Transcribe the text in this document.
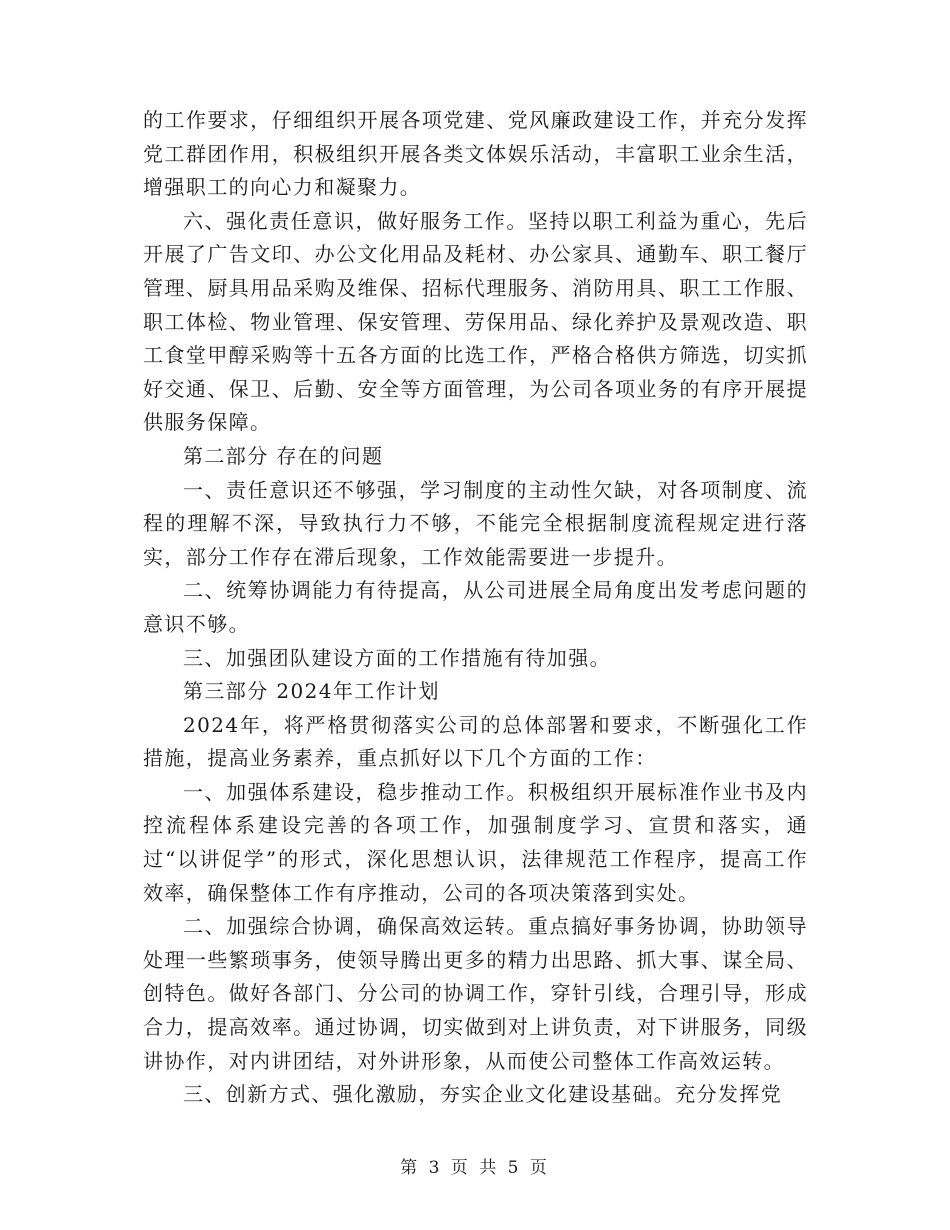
的工作要求，仔细组织开展各项党建、党风廉政建设工作，并充分发挥党工群团作用，积极组织开展各类文体娱乐活动，丰富职工业余生活，增强职工的向心力和凝聚力。

六、强化责任意识，做好服务工作。坚持以职工利益为重心，先后开展了广告文印、办公文化用品及耗材、办公家具、通勤车、职工餐厅管理、厨具用品采购及维保、招标代理服务、消防用具、职工工作服、职工体检、物业管理、保安管理、劳保用品、绿化养护及景观改造、职工食堂甲醇采购等十五各方面的比选工作，严格合格供方筛选，切实抓好交通、保卫、后勤、安全等方面管理，为公司各项业务的有序开展提供服务保障。

第二部分 存在的问题

一、责任意识还不够强，学习制度的主动性欠缺，对各项制度、流程的理解不深，导致执行力不够，不能完全根据制度流程规定进行落实，部分工作存在滞后现象，工作效能需要进一步提升。

二、统筹协调能力有待提高，从公司进展全局角度出发考虑问题的意识不够。

三、加强团队建设方面的工作措施有待加强。

第三部分 2024年工作计划

2024年，将严格贯彻落实公司的总体部署和要求，不断强化工作措施，提高业务素养，重点抓好以下几个方面的工作：

一、加强体系建设，稳步推动工作。积极组织开展标准作业书及内控流程体系建设完善的各项工作，加强制度学习、宣贯和落实，通过“以讲促学”的形式，深化思想认识，法律规范工作程序，提高工作效率，确保整体工作有序推动，公司的各项决策落到实处。

二、加强综合协调，确保高效运转。重点搞好事务协调，协助领导处理一些繁琐事务，使领导腾出更多的精力出思路、抓大事、谋全局、创特色。做好各部门、分公司的协调工作，穿针引线，合理引导，形成合力，提高效率。通过协调，切实做到对上讲负责，对下讲服务，同级讲协作，对内讲团结，对外讲形象，从而使公司整体工作高效运转。

三、创新方式、强化激励，夯实企业文化建设基础。充分发挥党

第 3 页 共 5 页
